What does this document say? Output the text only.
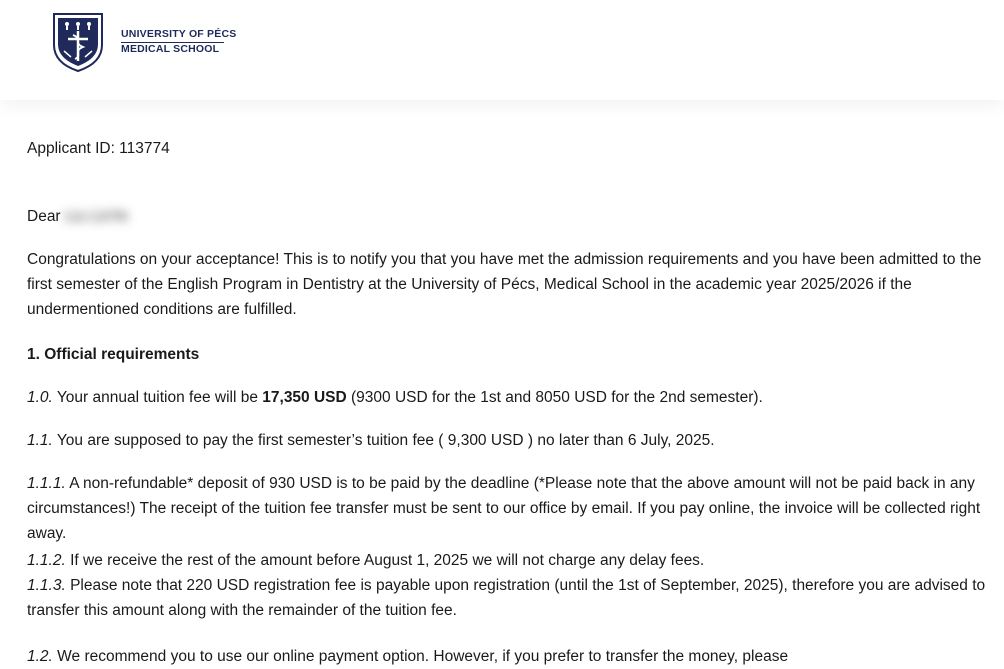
UNIVERSITY OF PÉCS
MEDICAL SCHOOL
Applicant ID: 113774
Dear Liu LinYe
Congratulations on your acceptance! This is to notify you that you have met the admission requirements and you have been admitted to the first semester of the English Program in Dentistry at the University of Pécs, Medical School in the academic year 2025/2026 if the undermentioned conditions are fulfilled.
1. Official requirements
1.0. Your annual tuition fee will be 17,350 USD (9300 USD for the 1st and 8050 USD for the 2nd semester).
1.1. You are supposed to pay the first semester’s tuition fee ( 9,300 USD ) no later than 6 July, 2025.
1.1.1. A non-refundable* deposit of 930 USD is to be paid by the deadline (*Please note that the above amount will not be paid back in any circumstances!) The receipt of the tuition fee transfer must be sent to our office by email. If you pay online, the invoice will be collected right away.
1.1.2. If we receive the rest of the amount before August 1, 2025 we will not charge any delay fees.
1.1.3. Please note that 220 USD registration fee is payable upon registration (until the 1st of September, 2025), therefore you are advised to transfer this amount along with the remainder of the tuition fee.
1.2. We recommend you to use our online payment option. However, if you prefer to transfer the money, please
